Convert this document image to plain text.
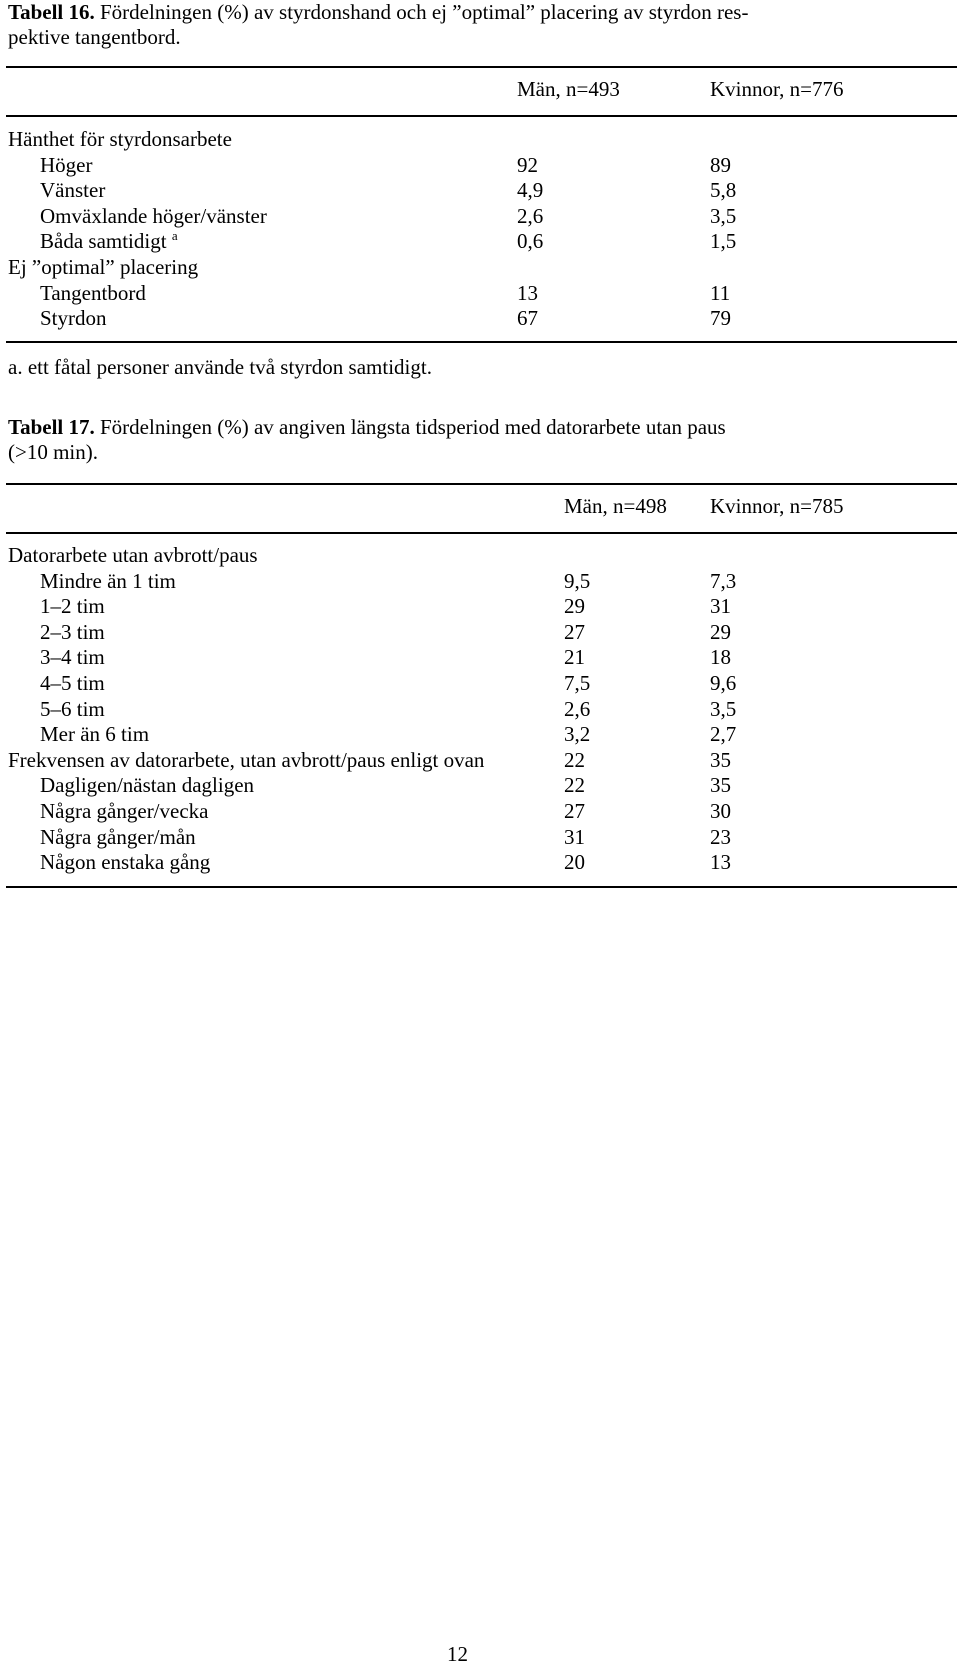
Tabell 16. Fördelningen (%) av styrdonshand och ej ”optimal” placering av styrdon res-
pektive tangentbord.
Män, n=493	Kvinnor, n=776
Hänthet för styrdonsarbete
Höger	92	89
Vänster	4,9	5,8
Omväxlande höger/vänster	2,6	3,5
Båda samtidigt $^a$	0,6	1,5
Ej ”optimal” placering
Tangentbord	13	11
Styrdon	67	79
a. ett fåtal personer använde två styrdon samtidigt.
Tabell 17. Fördelningen (%) av angiven längsta tidsperiod med datorarbete utan paus
(>10 min).
Män, n=498 Kvinnor, n=785
Datorarbete utan avbrott/paus
Mindre än 1 tim	9,5	7,3
1–2 tim	29	31
2–3 tim	27	29
3–4 tim	21	18
4–5 tim	7,5	9,6
5–6 tim	2,6	3,5
Mer än 6 tim	3,2	2,7
Frekvensen av datorarbete, utan avbrott/paus enligt ovan	22	35
Dagligen/nästan dagligen	22	35
Några gånger/vecka	27	30
Några gånger/mån	31	23
Någon enstaka gång	20	13
12
